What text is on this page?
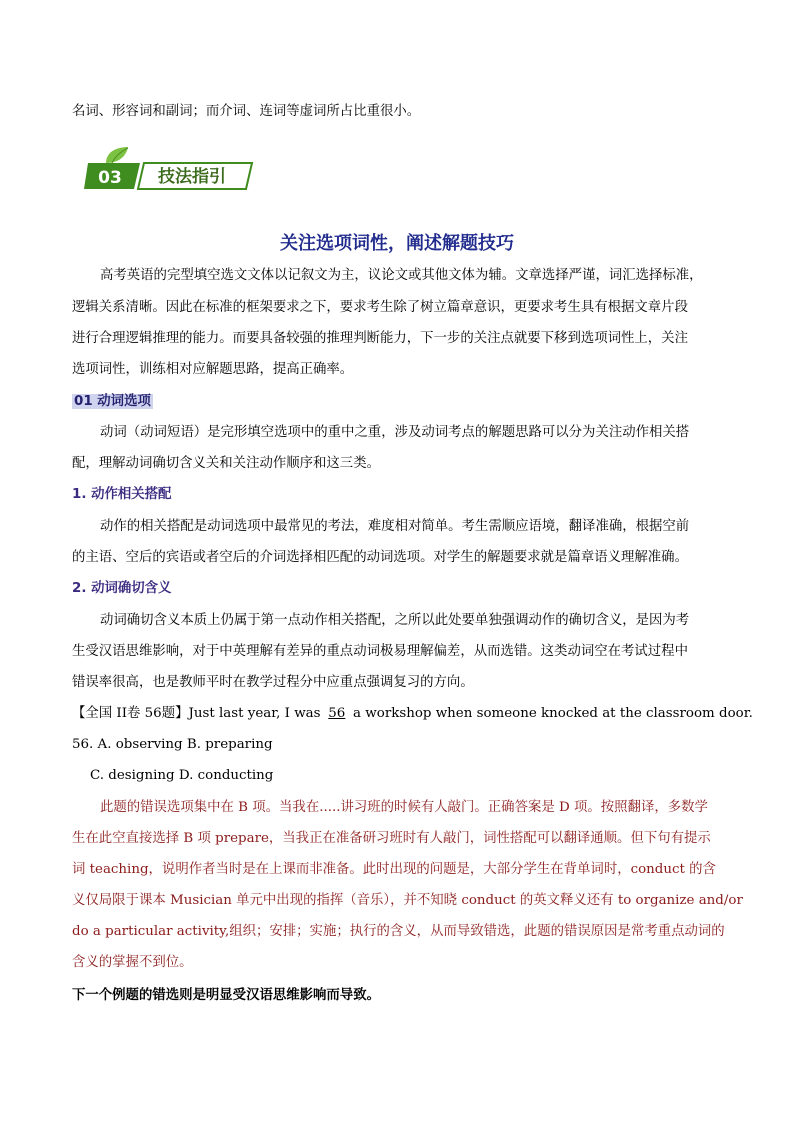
名词、形容词和副词；而介词、连词等虚词所占比重很小。
03 技法指引
关注选项词性，阐述解题技巧
高考英语的完型填空选文文体以记叙文为主，议论文或其他文体为辅。文章选择严谨，词汇选择标准，
逻辑关系清晰。因此在标准的框架要求之下，要求考生除了树立篇章意识，更要求考生具有根据文章片段
进行合理逻辑推理的能力。而要具备较强的推理判断能力，下一步的关注点就要下移到选项词性上，关注
选项词性，训练相对应解题思路，提高正确率。
01 动词选项
动词（动词短语）是完形填空选项中的重中之重，涉及动词考点的解题思路可以分为关注动作相关搭
配，理解动词确切含义关和关注动作顺序和这三类。
1. 动作相关搭配
动作的相关搭配是动词选项中最常见的考法，难度相对简单。考生需顺应语境，翻译准确，根据空前
的主语、空后的宾语或者空后的介词选择相匹配的动词选项。对学生的解题要求就是篇章语义理解准确。
2. 动词确切含义
动词确切含义本质上仍属于第一点动作相关搭配，之所以此处要单独强调动作的确切含义，是因为考
生受汉语思维影响，对于中英理解有差异的重点动词极易理解偏差，从而选错。这类动词空在考试过程中
错误率很高，也是教师平时在教学过程分中应重点强调复习的方向。
【全国 II卷 56题】Just last year, I was 56 a workshop when someone knocked at the classroom door.
56. A. observing B. preparing
C. designing D. conducting
此题的错误选项集中在 B 项。当我在.....讲习班的时候有人敲门。正确答案是 D 项。按照翻译，多数学
生在此空直接选择 B 项 prepare，当我正在准备研习班时有人敲门，词性搭配可以翻译通顺。但下句有提示
词 teaching，说明作者当时是在上课而非准备。此时出现的问题是，大部分学生在背单词时，conduct 的含
义仅局限于课本 Musician 单元中出现的指挥（音乐），并不知晓 conduct 的英文释义还有 to organize and/or
do a particular activity,组织；安排；实施；执行的含义，从而导致错选，此题的错误原因是常考重点动词的
含义的掌握不到位。
下一个例题的错选则是明显受汉语思维影响而导致。
